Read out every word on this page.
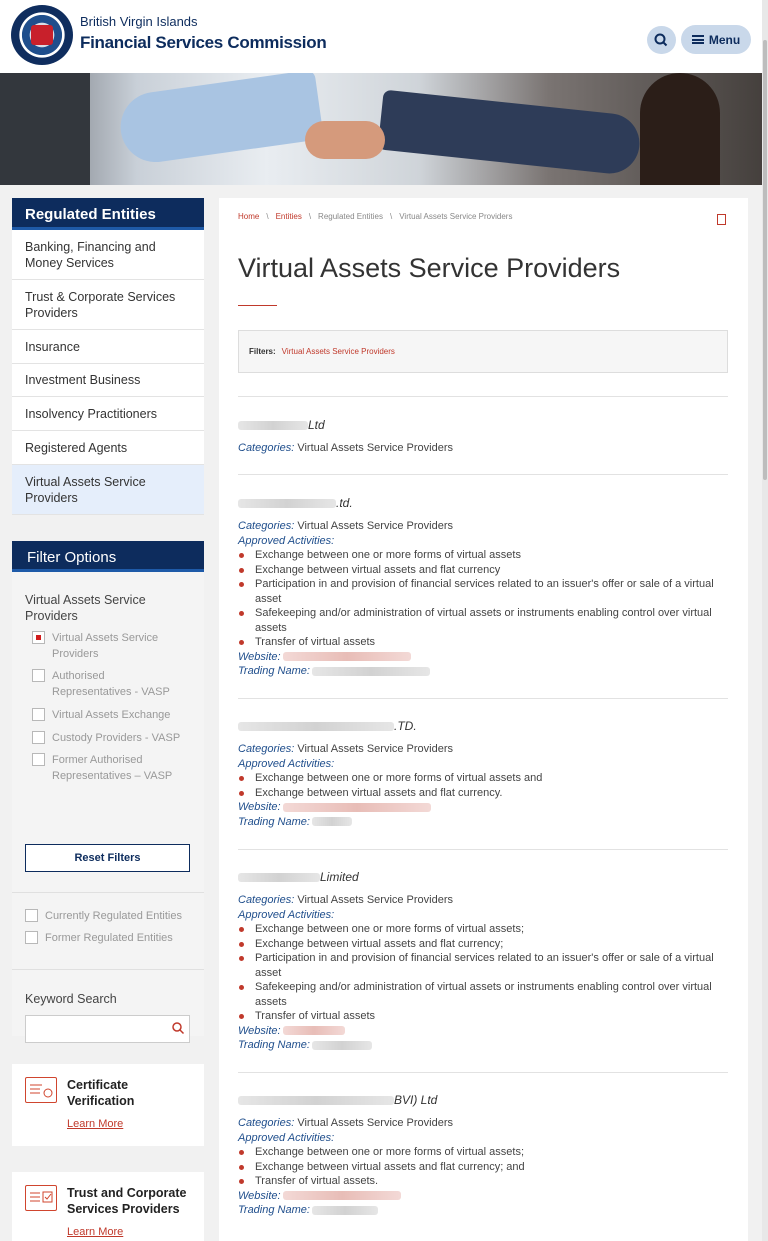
British Virgin Islands
Financial Services Commission	Menu
Regulated Entities
Banking, Financing and Money Services
Trust & Corporate Services Providers
Insurance
Investment Business
Insolvency Practitioners
Registered Agents
Virtual Assets Service Providers
Filter Options
Virtual Assets Service Providers
Virtual Assets Service Providers
Authorised Representatives - VASP
Virtual Assets Exchange
Custody Providers - VASP
Former Authorised Representatives – VASP
Reset Filters
Currently Regulated Entities
Former Regulated Entities
Keyword Search
Certificate Verification
Learn More
Trust and Corporate Services Providers
Learn More
Home \ Entities \ Regulated Entities \ Virtual Assets Service Providers
Virtual Assets Service Providers
Filters: Virtual Assets Service Providers
Ltd
Categories: Virtual Assets Service Providers
.td.
Categories: Virtual Assets Service Providers
Approved Activities:
Exchange between one or more forms of virtual assets
Exchange between virtual assets and flat currency
Participation in and provision of financial services related to an issuer's offer or sale of a virtual asset
Safekeeping and/or administration of virtual assets or instruments enabling control over virtual assets
Transfer of virtual assets
Website:
Trading Name:
.TD.
Categories: Virtual Assets Service Providers
Approved Activities:
Exchange between one or more forms of virtual assets and
Exchange between virtual assets and flat currency.
Website:
Trading Name:
Limited
Categories: Virtual Assets Service Providers
Approved Activities:
Exchange between one or more forms of virtual assets;
Exchange between virtual assets and flat currency;
Participation in and provision of financial services related to an issuer's offer or sale of a virtual asset
Safekeeping and/or administration of virtual assets or instruments enabling control over virtual assets
Transfer of virtual assets
Website:
Trading Name:
BVI) Ltd
Categories: Virtual Assets Service Providers
Approved Activities:
Exchange between one or more forms of virtual assets;
Exchange between virtual assets and flat currency; and
Transfer of virtual assets.
Website:
Trading Name:
